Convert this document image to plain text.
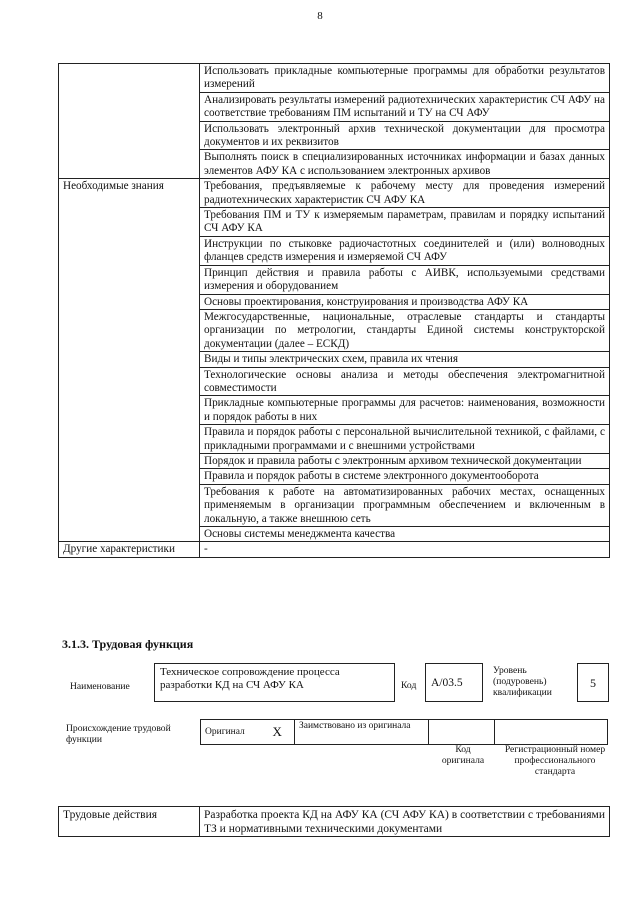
8
	Использовать прикладные компьютерные программы для обработки результатов измерений
	Анализировать результаты измерений радиотехнических характеристик СЧ АФУ на соответствие требованиям ПМ испытаний и ТУ на СЧ АФУ
	Использовать электронный архив технической документации для просмотра документов и их реквизитов
	Выполнять поиск в специализированных источниках информации и базах данных элементов АФУ КА с использованием электронных архивов
Необходимые знания	Требования, предъявляемые к рабочему месту для проведения измерений радиотехнических характеристик СЧ АФУ КА
	Требования ПМ и ТУ к измеряемым параметрам, правилам и порядку испытаний СЧ АФУ КА
	Инструкции по стыковке радиочастотных соединителей и (или) волноводных фланцев средств измерения и измеряемой СЧ АФУ
	Принцип действия и правила работы с АИВК, используемыми средствами измерения и оборудованием
	Основы проектирования, конструирования и производства АФУ КА
	Межгосударственные, национальные, отраслевые стандарты и стандарты организации по метрологии, стандарты Единой системы конструкторской документации (далее – ЕСКД)
	Виды и типы электрических схем, правила их чтения
	Технологические основы анализа и методы обеспечения электромагнитной совместимости
	Прикладные компьютерные программы для расчетов: наименования, возможности и порядок работы в них
	Правила и порядок работы с персональной вычислительной техникой, с файлами, с прикладными программами и с внешними устройствами
	Порядок и правила работы с электронным архивом технической документации
	Правила и порядок работы в системе электронного документооборота
	Требования к работе на автоматизированных рабочих местах, оснащенных применяемым в организации программным обеспечением и включенным в локальную, а также внешнюю сеть
	Основы системы менеджмента качества
Другие характеристики	-
3.1.3. Трудовая функция
Наименование
Техническое сопровождение процесса разработки КД на СЧ АФУ КА	Код	A/03.5
Уровень (подуровень) квалификации
5
Происхождение трудовой функции
Оригинал	X	Заимствовано из оригинала		
Код оригинала
Регистрационный номер профессионального стандарта
Трудовые действия	Разработка проекта КД на АФУ КА (СЧ АФУ КА) в соответствии с требованиями ТЗ и нормативными техническими документами
